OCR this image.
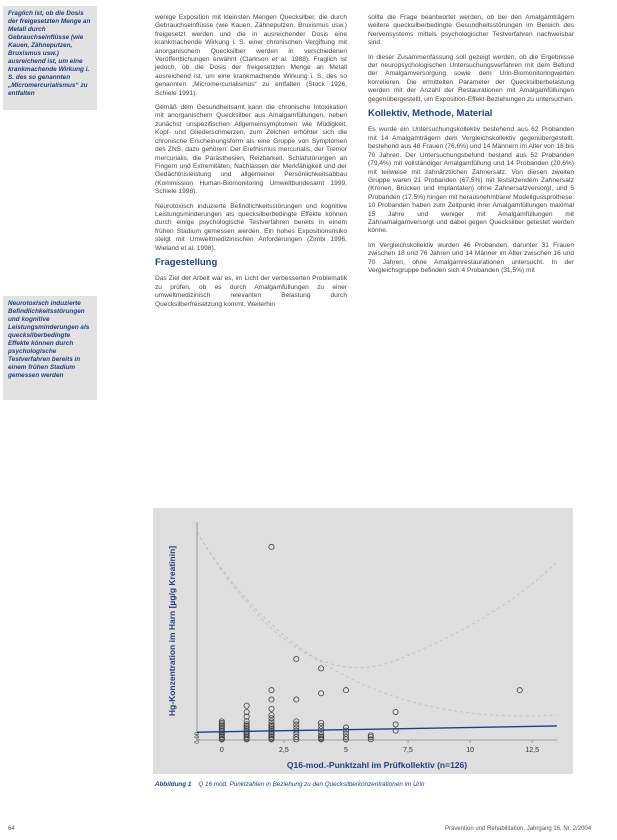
Fraglich ist, ob die Dosis der freigesetzten Menge an Metall durch Gebrauchseinflüsse (wie Kauen, Zähneputzen, Bruxismus usw.) ausreichend ist, um eine krankmachende Wirkung i. S. des so genannten „Micromercurialismus“ zu entfalten
Neurotoxisch induzierte Befindlichkeitsstörungen und kognitive Leistungsminderungen als quecksilberbedingte Effekte können durch psychologische Testverfahren bereits in einem frühen Stadium gemessen werden

wenige Exposition mit kleinsten Mengen Quecksilber, die durch Gebrauchseinflüsse (wie Kauen, Zähneputzen, Bruxismus usw.) freigesetzt werden und die in ausreichender Dosis eine krankmachende Wirkung i. S. einer chronischen Vergiftung mit anorganischem Quecksilber werden in verschiedenen Veröffentlichungen erwähnt (Clarkson et al. 1988). Fraglich ist jedoch, ob die Dosis der freigesetzten Menge an Metall ausreichend ist, um eine krankmachende Wirkung i. S. des so genannten „Micromercurialismus“ zu entfalten (Stock 1926, Schiele 1991).

Gemäß dem Gesundheitsamt kann die chronische Intoxikation mit anorganischem Quecksilber aus Amalgamfüllungen, neben zunächst unspezifischen Allgemeinsymptomen wie Müdigkeit, Kopf- und Gliederschmerzen, zum Zeichen erhöhter sich die chronische Erscheinungsform als eine Gruppe von Symptomen des ZNS, dazu gehören: Der Erethismus mercurialis, der Tremor mercurialis, die Parästhesien, Reizbarkeit, Schlafstörungen an Fingern und Extremitäten, Nachlassen der Merkfähigkeit und der Gedächtnisleistung und allgemeiner Persönlichkeitsabbau (Kommission Human-Biomonitoring Umweltbundesamt 1999, Schiele 1998).

Neurotoxisch induzierte Befindlichkeitsstörungen und kognitive Leistungsminderungen als quecksilberbedingte Effekte können durch einige psychologische Testverfahren bereits in einem frühen Stadium gemessen werden. Ein hohes Expositionsrisiko steigt mit Umweltmedizinischen Anforderungen (Zimbi 1996, Wieland et al. 1998).

Fragestellung

Das Ziel der Arbeit war es, im Licht der verbesserten Problematik zu prüfen, ob es durch Amalgamfüllungen zu einer umweltmedizinisch relevanten Belastung durch Quecksilberfreisetzung kommt. Weiterhin

sollte die Frage beantwortet werden, ob bei den Amalgamträgern weitere quecksilberbedingte Gesundheitsstörungen im Bereich des Nervensystems mittels psychologischer Testverfahren nachweisbar sind.

In dieser Zusammenfassung soll gezeigt werden, ob die Ergebnisse der neuropsychologischen Untersuchungsverfahren mit dem Befund der Amalgamversorgung sowie dem Urin-Biomonitoringwerten korrelieren. Die ermittelten Parameter der Quecksilberbelastung werden mit der Anzahl der Restaurationen mit Amalgamfüllungen gegenübergestellt, um Exposition-Effekt-Beziehungen zu untersuchen.

Kollektiv, Methode, Material

Es wurde ein Untersuchungskollektiv bestehend aus 62 Probanden mit 14 Amalgamträgern dem Vergleichskollektiv gegenübergestellt, bestehend aus 48 Frauen (76,6%) und 14 Männern im Alter von 18 bis 70 Jahren. Der Untersuchungsbefund bestand aus 52 Probanden (79,4%) mit vollständiger Amalgamfüllung und 14 Probanden (20,6%) mit teilweise mit zahnärztlichen Zahnersatz. Von diesen zweiten Gruppe waren 21 Probanden (67,5%) mit festsitzendem Zahnersatz (Kronen, Brücken und Implantaten) ohne Zahnersatzversorgt, und 5 Probanden (17,5%) hingen mit herausnehmbarer Modellgussprothese. 10 Probanden haben zum Zeitpunkt ihrer Amalgamfüllungen maximal 15 Jahre und weniger mit Amalgamfüllungen mit Zahnamalgamversorgt und dabei gegen Quecksilber getestet werden könne.

Im Vergleichskollektiv wurden 46 Probanden, darunter 31 Frauen zwischen 18 und 76 Jahren und 14 Männer im Alter zwischen 16 und 70 Jahren, ohne Amalgamrestaurationen untersucht. In der Vergleichsgruppe befinden sich 4 Probanden (31,5%) mit

0	2,5	5	7,5	10	12,5
0,00
Q16-mod.-Punktzahl im Prüfkollektiv (n=126)
Hg-Konzentration im Harn [µg/g Kreatinin]
Abbildung 1 Q 16 mod. Punktzahlen in Beziehung zu den Quecksilberkonzentrationen im Urin
64	Prävention und Rehabilitation, Jahrgang 16, Nr. 2/2004
